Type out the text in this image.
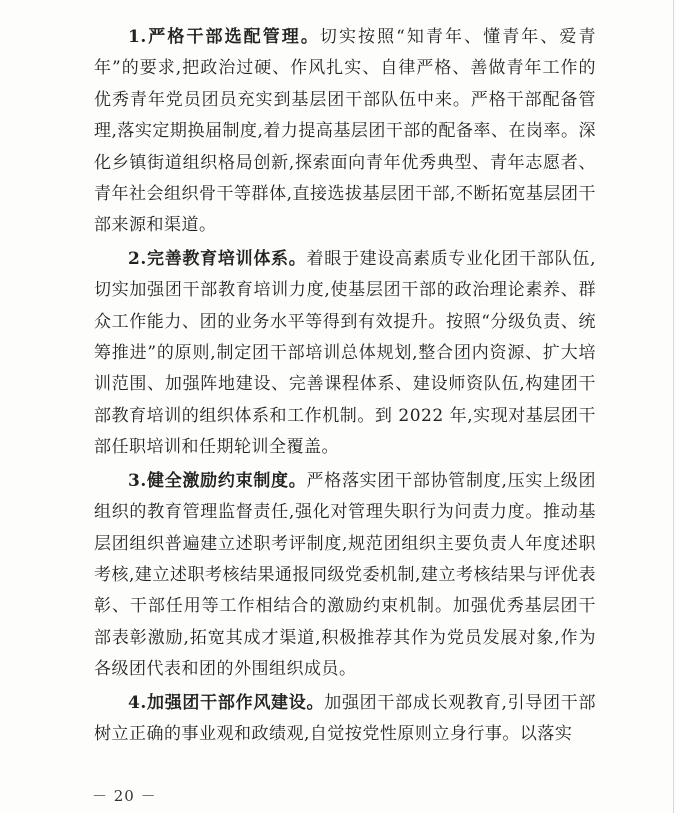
1.严格干部选配管理。切实按照“知青年、懂青年、爱青年”的要求,把政治过硬、作风扎实、自律严格、善做青年工作的优秀青年党员团员充实到基层团干部队伍中来。严格干部配备管理,落实定期换届制度,着力提高基层团干部的配备率、在岗率。深化乡镇街道组织格局创新,探索面向青年优秀典型、青年志愿者、青年社会组织骨干等群体,直接选拔基层团干部,不断拓宽基层团干部来源和渠道。

2.完善教育培训体系。着眼于建设高素质专业化团干部队伍,切实加强团干部教育培训力度,使基层团干部的政治理论素养、群众工作能力、团的业务水平等得到有效提升。按照“分级负责、统筹推进”的原则,制定团干部培训总体规划,整合团内资源、扩大培训范围、加强阵地建设、完善课程体系、建设师资队伍,构建团干部教育培训的组织体系和工作机制。到 2022 年,实现对基层团干部任职培训和任期轮训全覆盖。

3.健全激励约束制度。严格落实团干部协管制度,压实上级团组织的教育管理监督责任,强化对管理失职行为问责力度。推动基层团组织普遍建立述职考评制度,规范团组织主要负责人年度述职考核,建立述职考核结果通报同级党委机制,建立考核结果与评优表彰、干部任用等工作相结合的激励约束机制。加强优秀基层团干部表彰激励,拓宽其成才渠道,积极推荐其作为党员发展对象,作为各级团代表和团的外围组织成员。

4.加强团干部作风建设。加强团干部成长观教育,引导团干部树立正确的事业观和政绩观,自觉按党性原则立身行事。以落实

－ 20 －
